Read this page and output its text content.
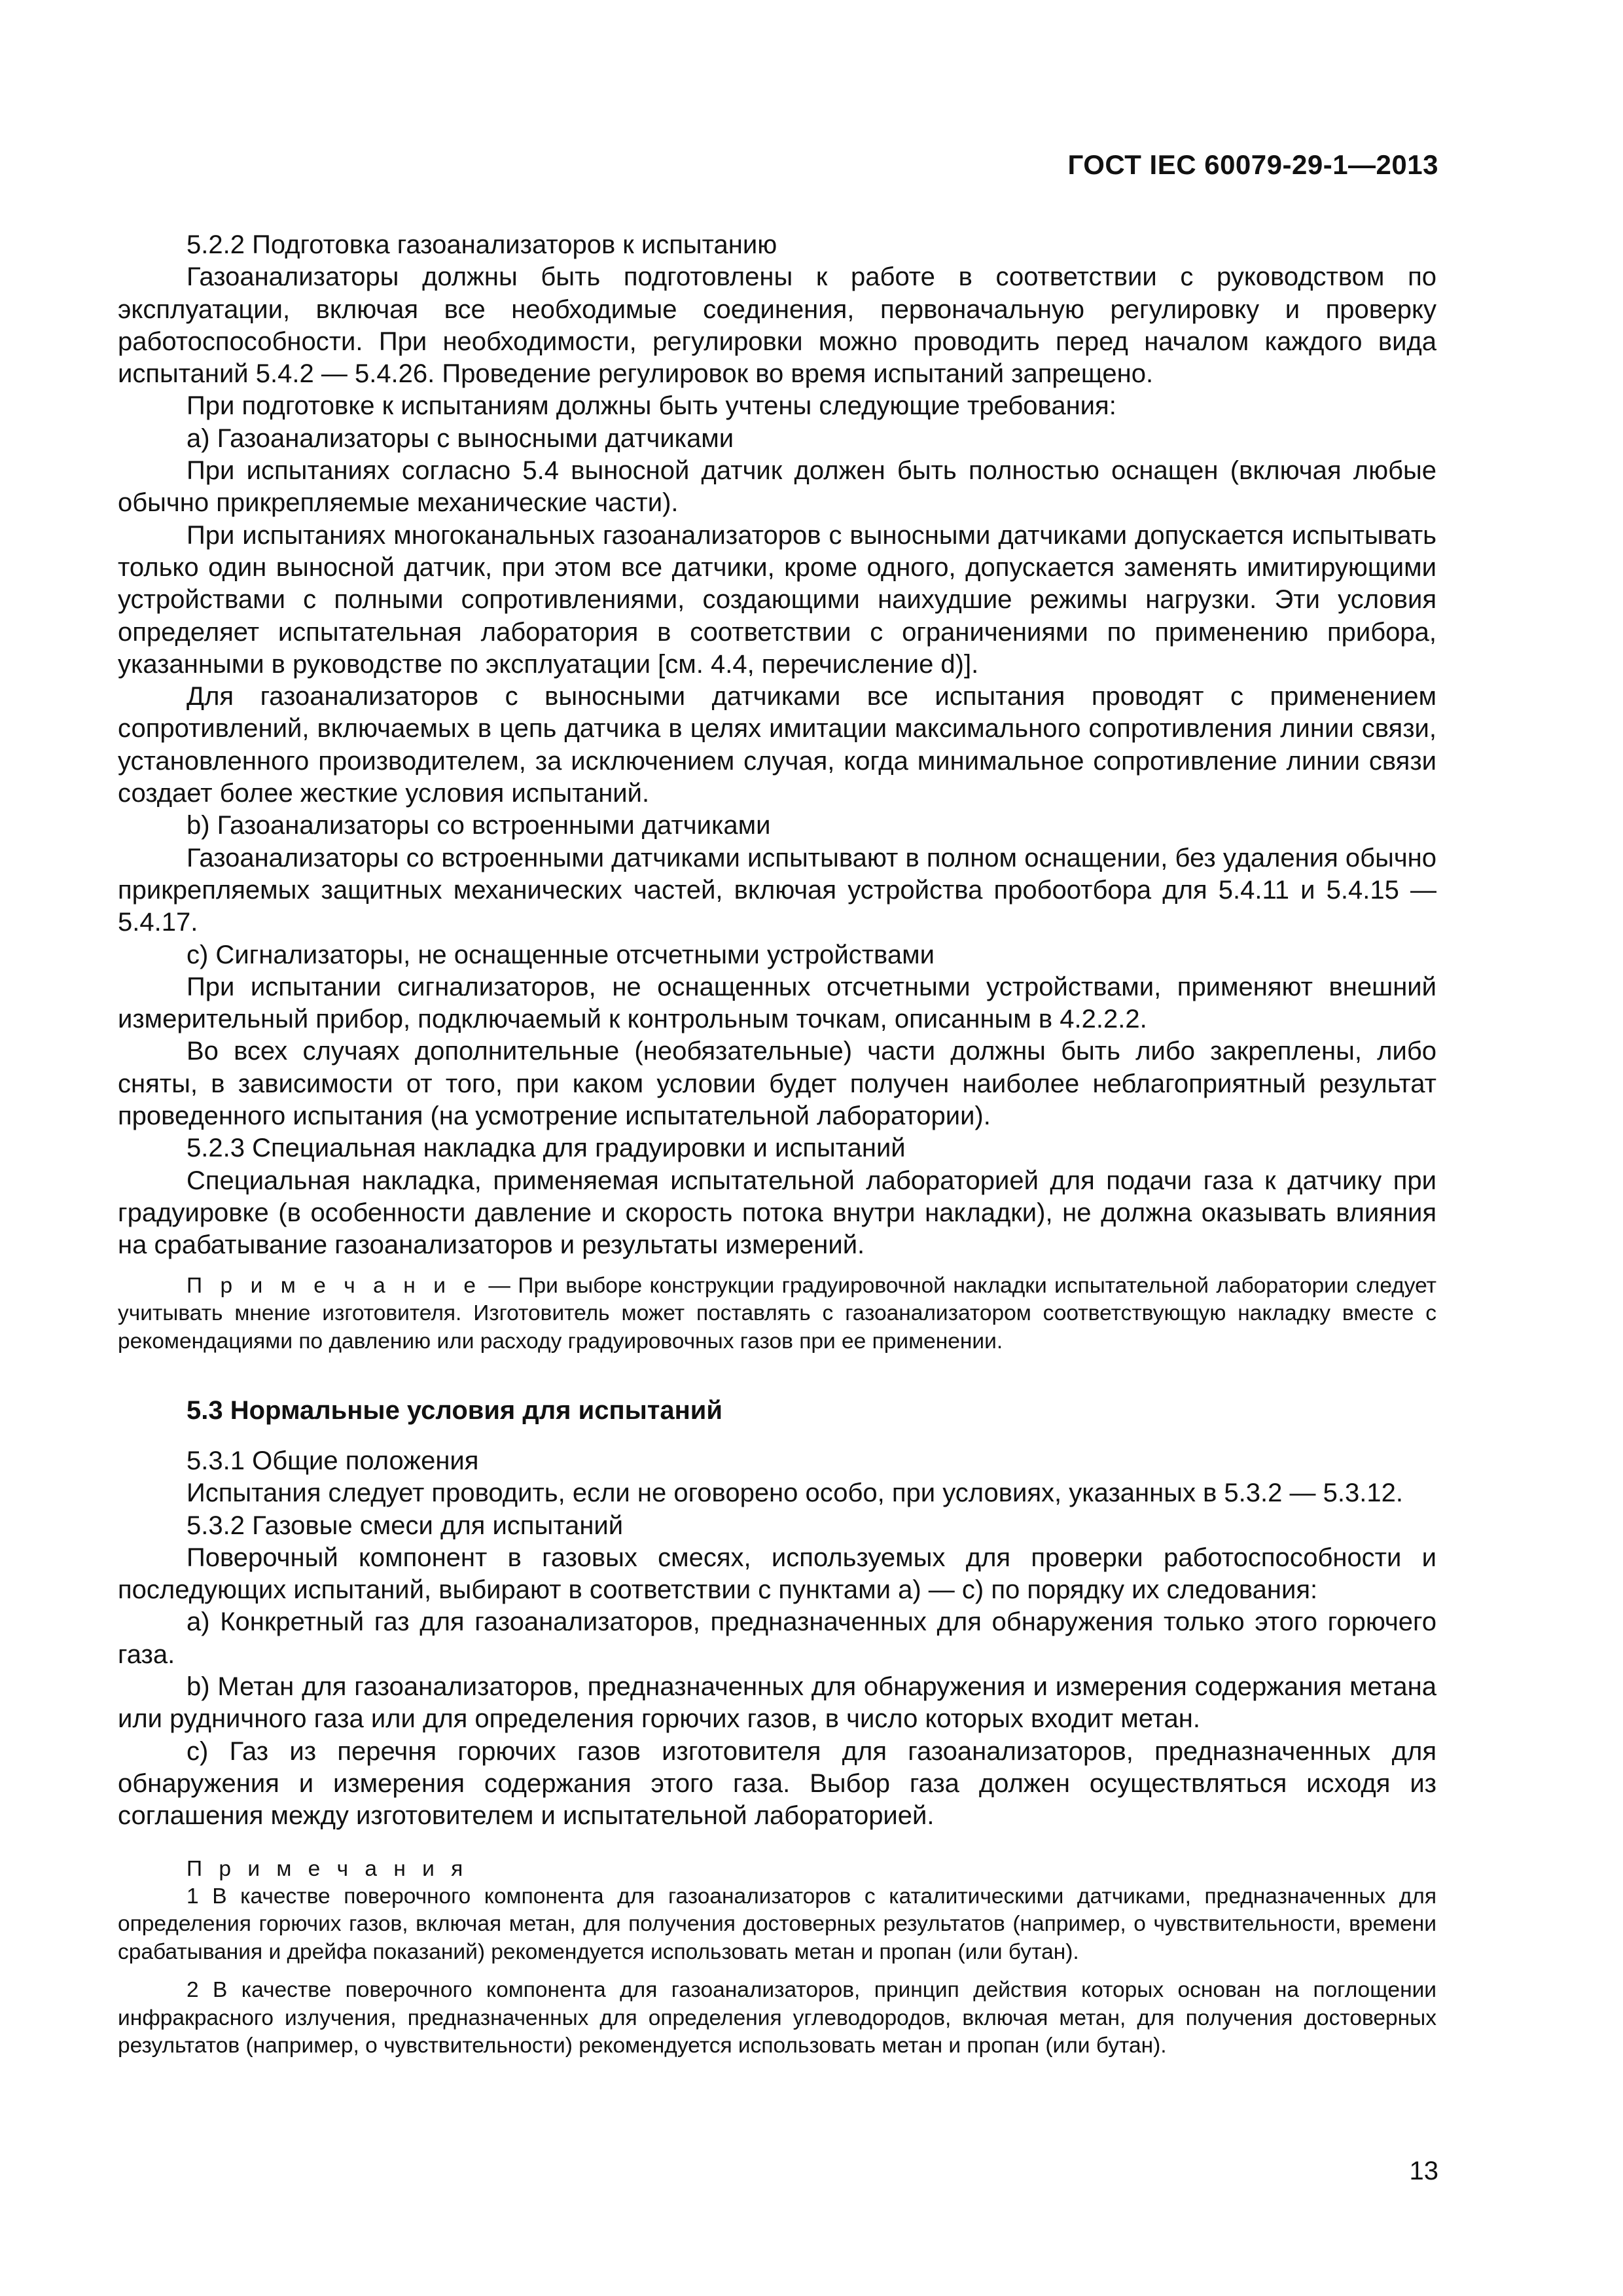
ГОСТ IEC 60079-29-1—2013

5.2.2 Подготовка газоанализаторов к испытанию

Газоанализаторы должны быть подготовлены к работе в соответствии с руководством по эксплуатации, включая все необходимые соединения, первоначальную регулировку и проверку работоспособности. При необходимости, регулировки можно проводить перед началом каждого вида испытаний 5.4.2 — 5.4.26. Проведение регулировок во время испытаний запрещено.

При подготовке к испытаниям должны быть учтены следующие требования:

a) Газоанализаторы с выносными датчиками

При испытаниях согласно 5.4 выносной датчик должен быть полностью оснащен (включая любые обычно прикрепляемые механические части).

При испытаниях многоканальных газоанализаторов с выносными датчиками допускается испытывать только один выносной датчик, при этом все датчики, кроме одного, допускается заменять имитирующими устройствами с полными сопротивлениями, создающими наихудшие режимы нагрузки. Эти условия определяет испытательная лаборатория в соответствии с ограничениями по применению прибора, указанными в руководстве по эксплуатации [см. 4.4, перечисление d)].

Для газоанализаторов с выносными датчиками все испытания проводят с применением сопротивлений, включаемых в цепь датчика в целях имитации максимального сопротивления линии связи, установленного производителем, за исключением случая, когда минимальное сопротивление линии связи создает более жесткие условия испытаний.

b) Газоанализаторы со встроенными датчиками

Газоанализаторы со встроенными датчиками испытывают в полном оснащении, без удаления обычно прикрепляемых защитных механических частей, включая устройства пробоотбора для 5.4.11 и 5.4.15 — 5.4.17.

c) Сигнализаторы, не оснащенные отсчетными устройствами

При испытании сигнализаторов, не оснащенных отсчетными устройствами, применяют внешний измерительный прибор, подключаемый к контрольным точкам, описанным в 4.2.2.2.

Во всех случаях дополнительные (необязательные) части должны быть либо закреплены, либо сняты, в зависимости от того, при каком условии будет получен наиболее неблагоприятный результат проведенного испытания (на усмотрение испытательной лаборатории).

5.2.3 Специальная накладка для градуировки и испытаний

Специальная накладка, применяемая испытательной лабораторией для подачи газа к датчику при градуировке (в особенности давление и скорость потока внутри накладки), не должна оказывать влияния на срабатывание газоанализаторов и результаты измерений.

П р и м е ч а н и е — При выборе конструкции градуировочной накладки испытательной лаборатории следует учитывать мнение изготовителя. Изготовитель может поставлять с газоанализатором соответствующую накладку вместе с рекомендациями по давлению или расходу градуировочных газов при ее применении.

5.3 Нормальные условия для испытаний

5.3.1 Общие положения

Испытания следует проводить, если не оговорено особо, при условиях, указанных в 5.3.2 — 5.3.12.

5.3.2 Газовые смеси для испытаний

Поверочный компонент в газовых смесях, используемых для проверки работоспособности и последующих испытаний, выбирают в соответствии с пунктами a) — c) по порядку их следования:

a) Конкретный газ для газоанализаторов, предназначенных для обнаружения только этого горючего газа.

b) Метан для газоанализаторов, предназначенных для обнаружения и измерения содержания метана или рудничного газа или для определения горючих газов, в число которых входит метан.

c) Газ из перечня горючих газов изготовителя для газоанализаторов, предназначенных для обнаружения и измерения содержания этого газа. Выбор газа должен осуществляться исходя из соглашения между изготовителем и испытательной лабораторией.

П р и м е ч а н и я

1 В качестве поверочного компонента для газоанализаторов с каталитическими датчиками, предназначенных для определения горючих газов, включая метан, для получения достоверных результатов (например, о чувствительности, времени срабатывания и дрейфа показаний) рекомендуется использовать метан и пропан (или бутан).

2 В качестве поверочного компонента для газоанализаторов, принцип действия которых основан на поглощении инфракрасного излучения, предназначенных для определения углеводородов, включая метан, для получения достоверных результатов (например, о чувствительности) рекомендуется использовать метан и пропан (или бутан).

13
